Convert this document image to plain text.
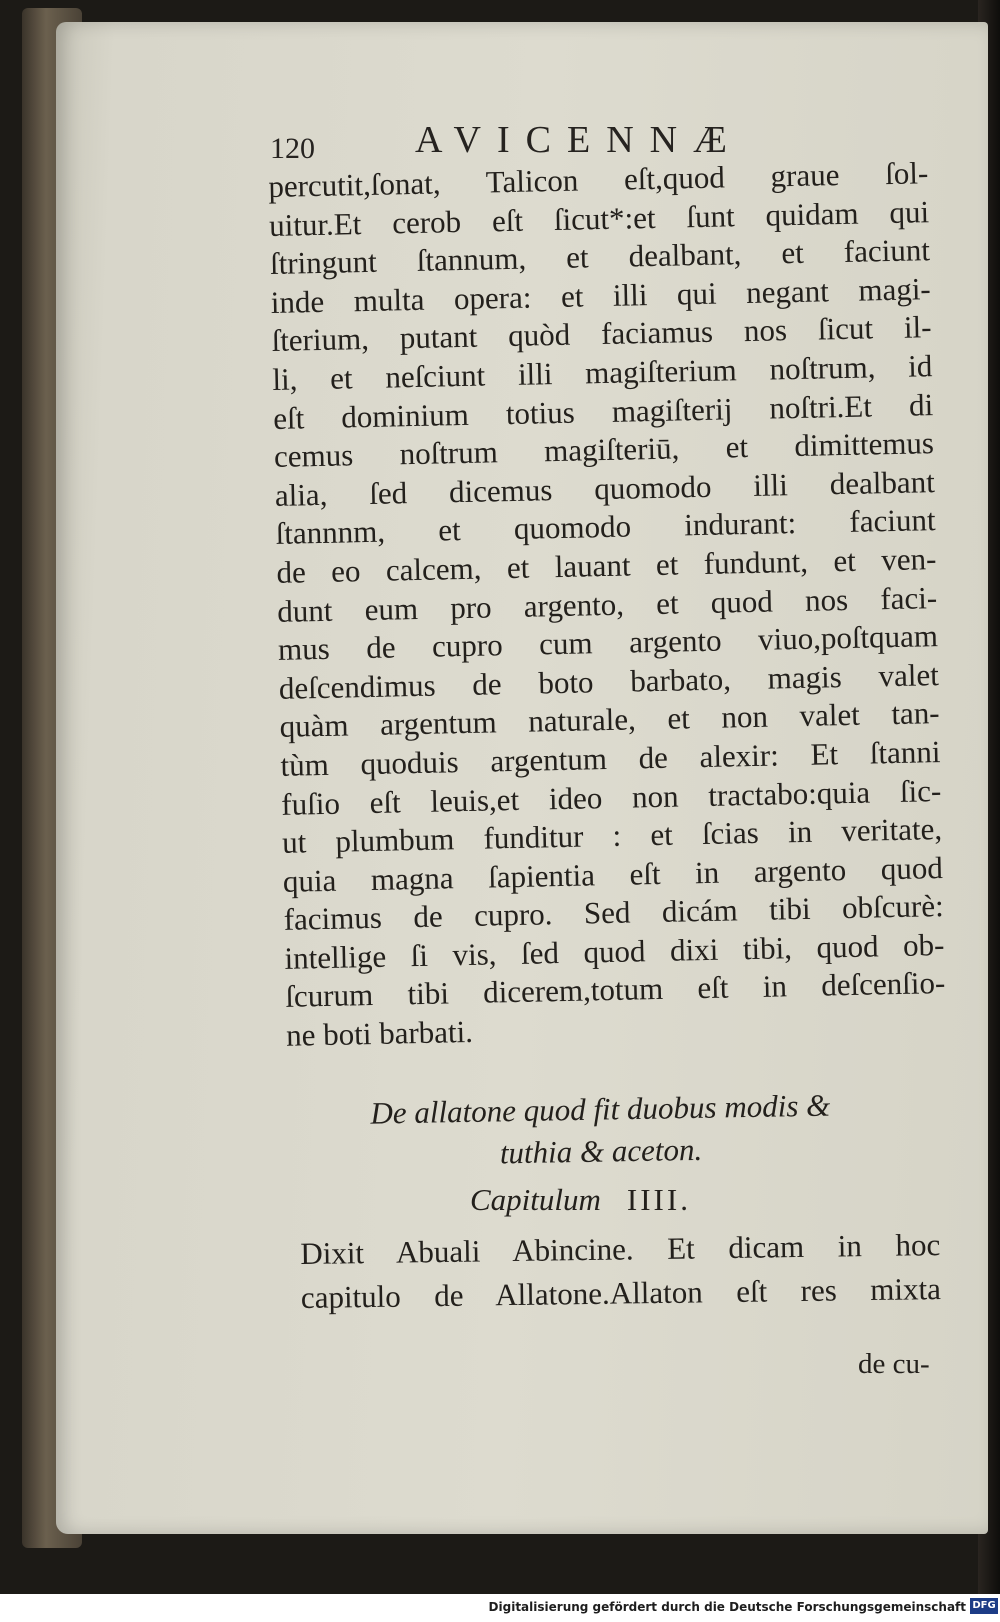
120	AVICENNÆ
percutit,ſonat, Talicon eſt,quod graue ſol-
uitur.Et cerob eſt ſicut*:et ſunt quidam qui
ſtringunt ſtannum, et dealbant, et faciunt
inde multa opera: et illi qui negant magi-
ſterium, putant quòd faciamus nos ſicut il-
li, et neſciunt illi magiſterium noſtrum, id
eſt dominium totius magiſterij noſtri.Et di
cemus noſtrum magiſteriū, et dimittemus
alia, ſed dicemus quomodo illi dealbant
ſtannnm, et quomodo indurant: faciunt
de eo calcem, et lauant et fundunt, et ven-
dunt eum pro argento, et quod nos faci-
mus de cupro cum argento viuo,poſtquam
deſcendimus de boto barbato, magis valet
quàm argentum naturale, et non valet tan-
tùm quoduis argentum de alexir: Et ſtanni
fuſio eſt leuis,et ideo non tractabo:quia ſic-
ut plumbum funditur : et ſcias in veritate,
quia magna ſapientia eſt in argento quod
facimus de cupro. Sed dicám tibi obſcurè:
intellige ſi vis, ſed quod dixi tibi, quod ob-
ſcurum tibi dicerem,totum eſt in deſcenſio-
ne boti barbati.
De allatone quod fit duobus modis &
tuthia & aceton.
Capitulum IIII.
Dixit Abuali Abincine. Et dicam in hoc
capitulo de Allatone.Allaton eſt res mixta
de cu-
Digitalisierung gefördert durch die Deutsche Forschungsgemeinschaft DFG
